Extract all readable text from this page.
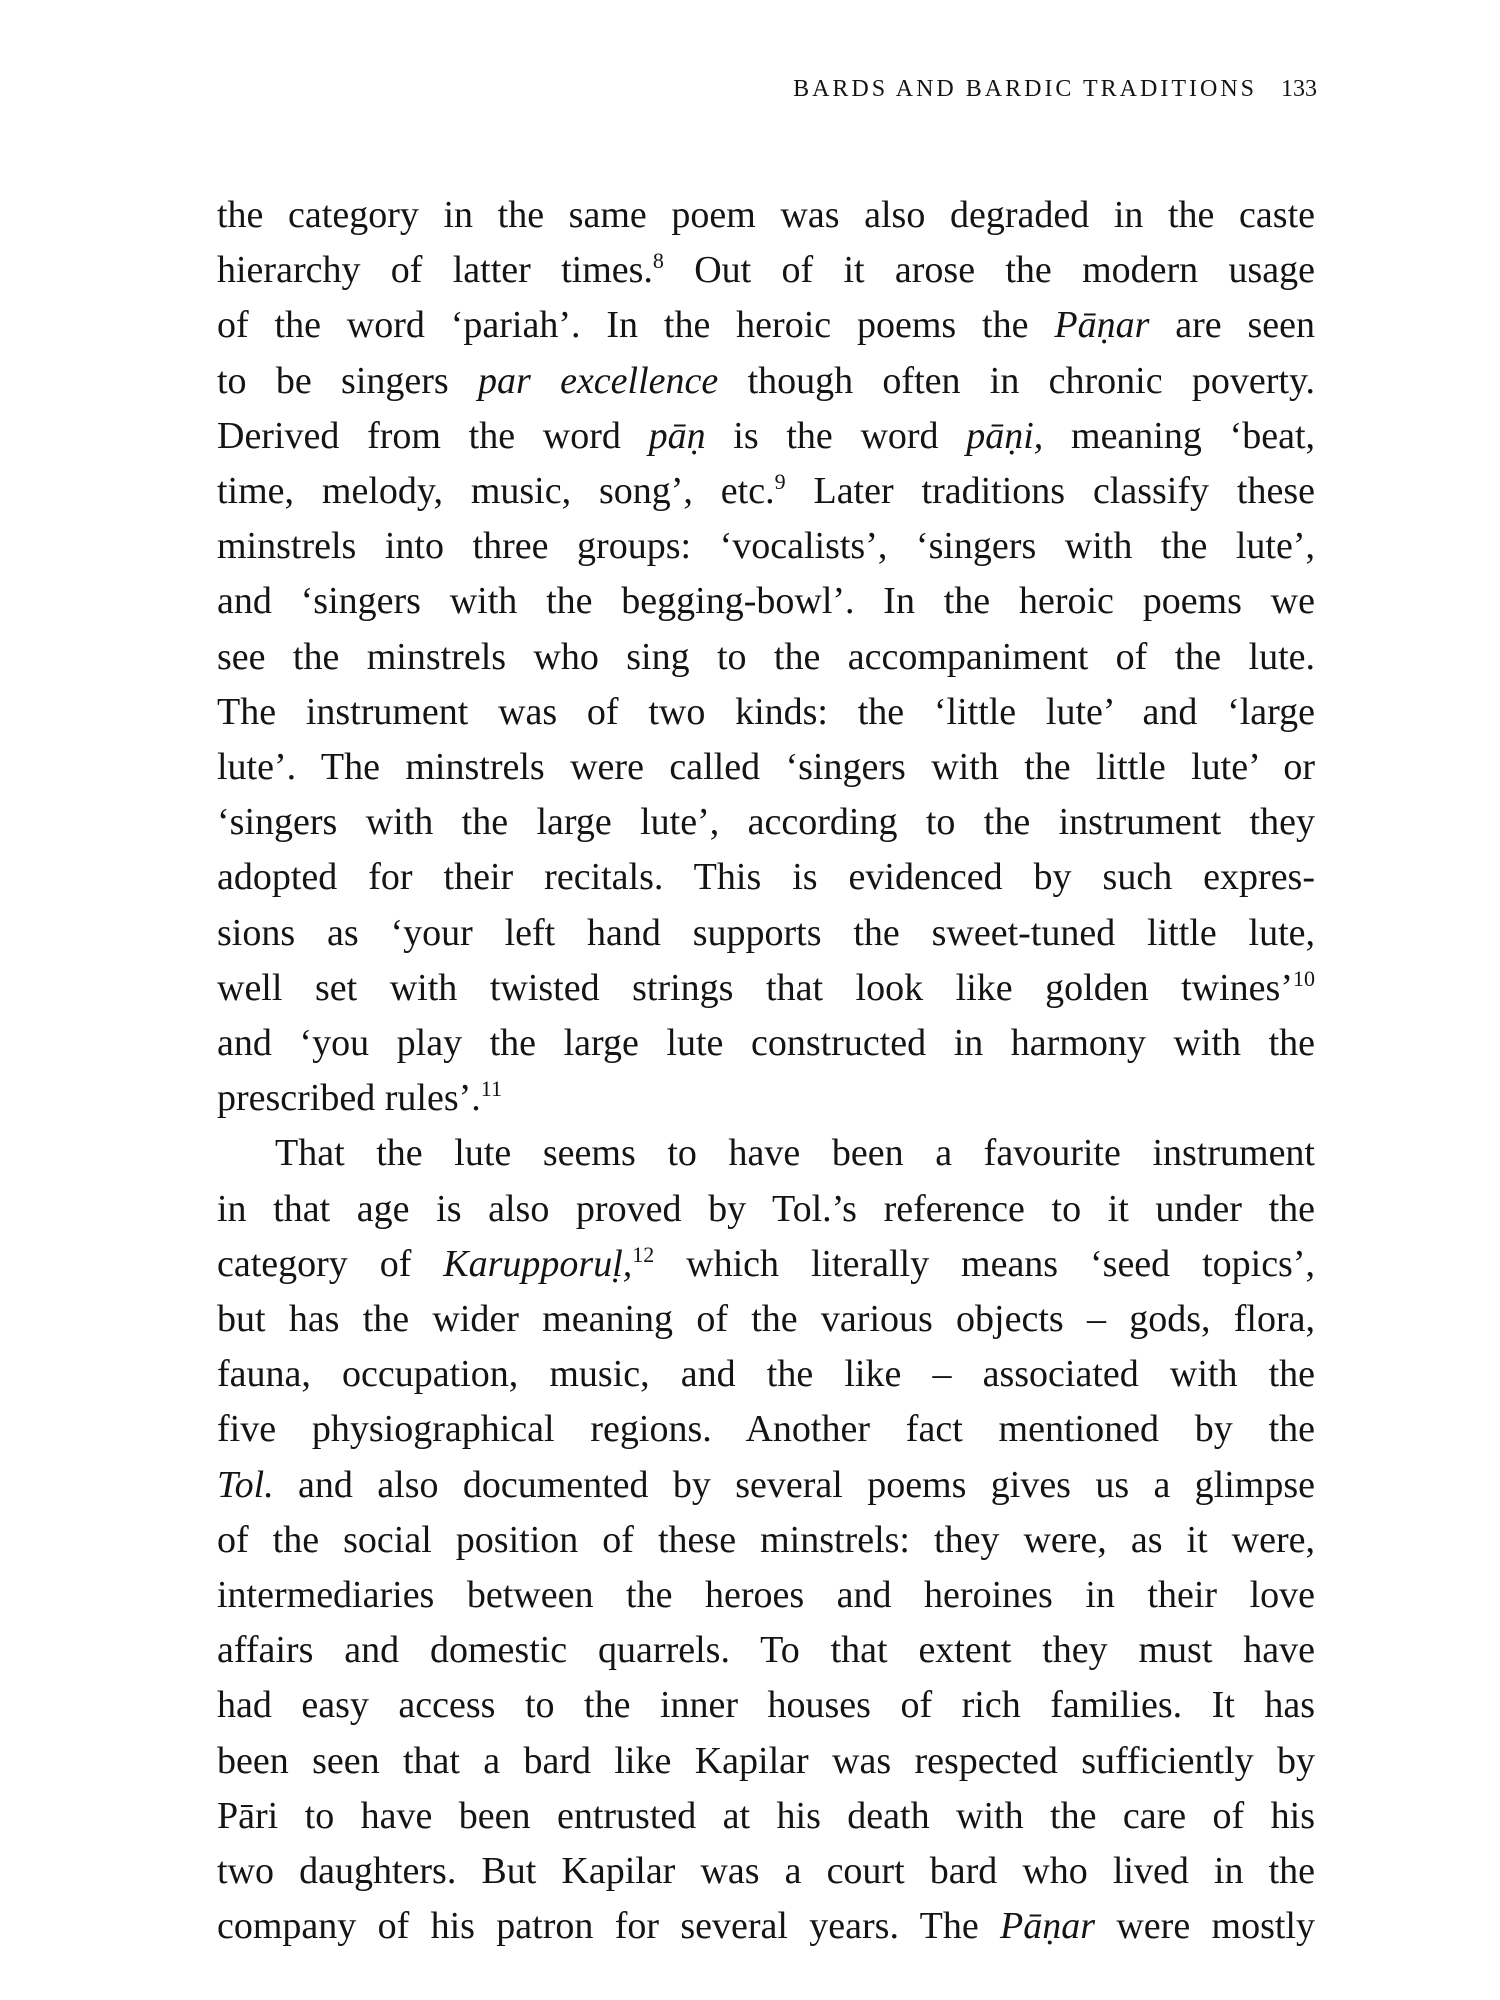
BARDS AND BARDIC TRADITIONS 133
the category in the same poem was also degraded in the caste
hierarchy of latter times.$^8$ Out of it arose the modern usage
of the word ‘pariah’. In the heroic poems the Pāṇar are seen
to be singers par excellence though often in chronic poverty.
Derived from the word pāṇ is the word pāṇi, meaning ‘beat,
time, melody, music, song’, etc.$^9$ Later traditions classify these
minstrels into three groups: ‘vocalists’, ‘singers with the lute’,
and ‘singers with the begging-bowl’. In the heroic poems we
see the minstrels who sing to the accompaniment of the lute.
The instrument was of two kinds: the ‘little lute’ and ‘large
lute’. The minstrels were called ‘singers with the little lute’ or
‘singers with the large lute’, according to the instrument they
adopted for their recitals. This is evidenced by such expres-
sions as ‘your left hand supports the sweet-tuned little lute,
well set with twisted strings that look like golden twines’$^{10}$
and ‘you play the large lute constructed in harmony with the
prescribed rules’.$^{11}$
That the lute seems to have been a favourite instrument
in that age is also proved by Tol.’s reference to it under the
category of Karupporuḷ,$^{12}$ which literally means ‘seed topics’,
but has the wider meaning of the various objects – gods, flora,
fauna, occupation, music, and the like – associated with the
five physiographical regions. Another fact mentioned by the
Tol. and also documented by several poems gives us a glimpse
of the social position of these minstrels: they were, as it were,
intermediaries between the heroes and heroines in their love
affairs and domestic quarrels. To that extent they must have
had easy access to the inner houses of rich families. It has
been seen that a bard like Kapilar was respected sufficiently by
Pāri to have been entrusted at his death with the care of his
two daughters. But Kapilar was a court bard who lived in the
company of his patron for several years. The Pāṇar were mostly
